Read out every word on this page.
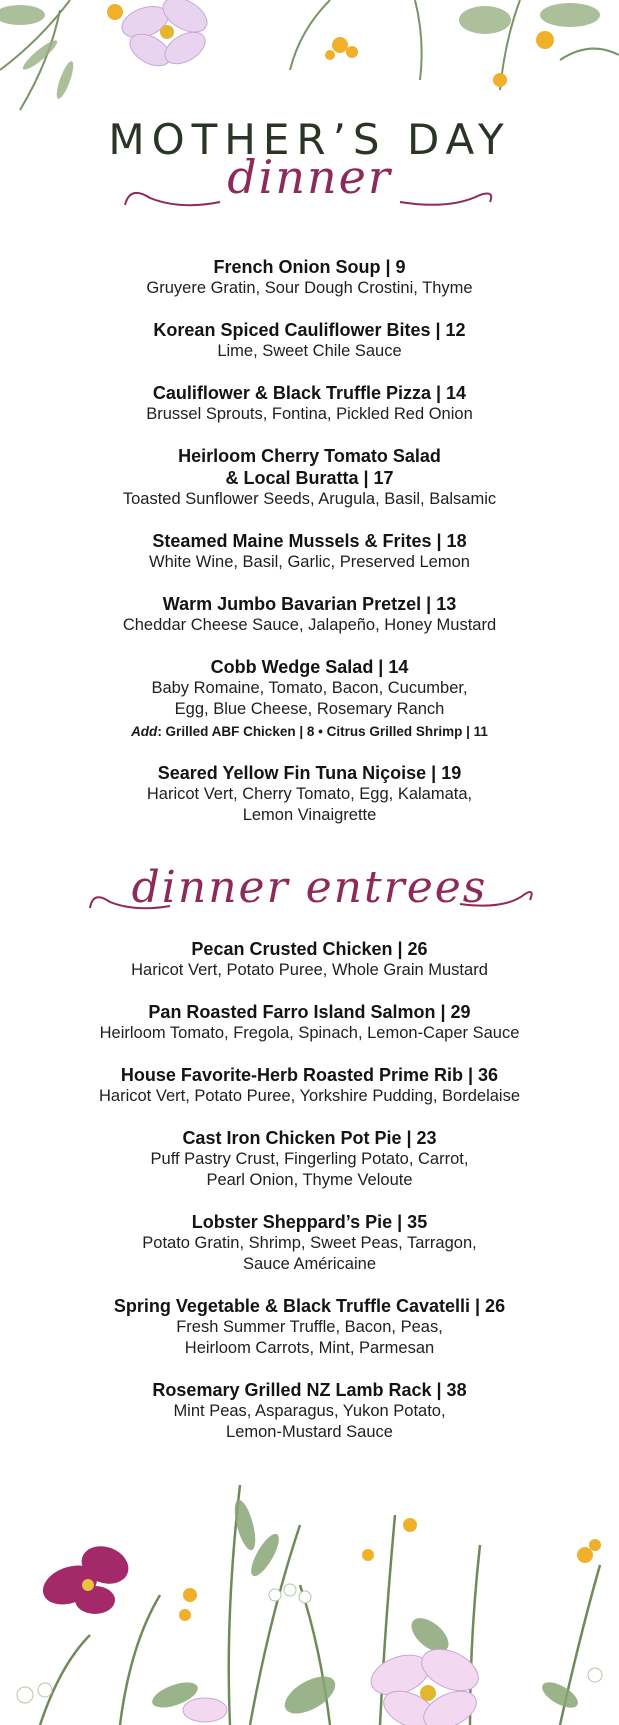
MOTHER’S DAY
dinner
French Onion Soup | 9
Gruyere Gratin, Sour Dough Crostini, Thyme
Korean Spiced Cauliflower Bites | 12
Lime, Sweet Chile Sauce
Cauliflower & Black Truffle Pizza | 14
Brussel Sprouts, Fontina, Pickled Red Onion
Heirloom Cherry Tomato Salad
& Local Buratta | 17
Toasted Sunflower Seeds, Arugula, Basil, Balsamic
Steamed Maine Mussels & Frites | 18
White Wine, Basil, Garlic, Preserved Lemon
Warm Jumbo Bavarian Pretzel | 13
Cheddar Cheese Sauce, Jalapeño, Honey Mustard
Cobb Wedge Salad | 14
Baby Romaine, Tomato, Bacon, Cucumber,
Egg, Blue Cheese, Rosemary Ranch
Add: Grilled ABF Chicken | 8 • Citrus Grilled Shrimp | 11
Seared Yellow Fin Tuna Niçoise | 19
Haricot Vert, Cherry Tomato, Egg, Kalamata,
Lemon Vinaigrette
dinner entrees
Pecan Crusted Chicken | 26
Haricot Vert, Potato Puree, Whole Grain Mustard
Pan Roasted Farro Island Salmon | 29
Heirloom Tomato, Fregola, Spinach, Lemon-Caper Sauce
House Favorite-Herb Roasted Prime Rib | 36
Haricot Vert, Potato Puree, Yorkshire Pudding, Bordelaise
Cast Iron Chicken Pot Pie | 23
Puff Pastry Crust, Fingerling Potato, Carrot,
Pearl Onion, Thyme Veloute
Lobster Sheppard’s Pie | 35
Potato Gratin, Shrimp, Sweet Peas, Tarragon,
Sauce Américaine
Spring Vegetable & Black Truffle Cavatelli | 26
Fresh Summer Truffle, Bacon, Peas,
Heirloom Carrots, Mint, Parmesan
Rosemary Grilled NZ Lamb Rack | 38
Mint Peas, Asparagus, Yukon Potato,
Lemon-Mustard Sauce
